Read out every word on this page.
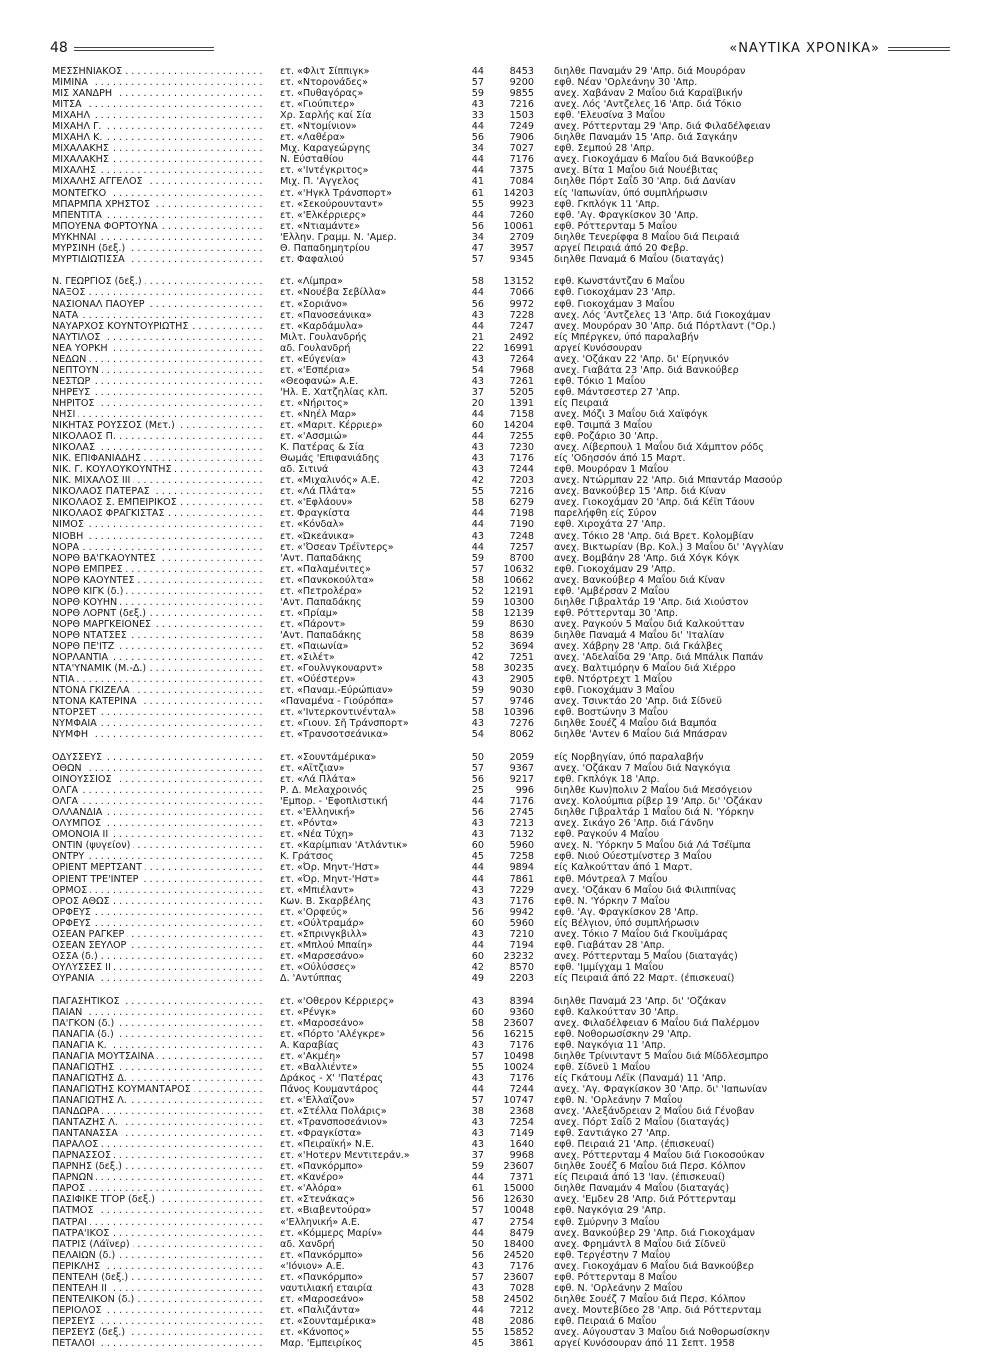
48	«ΝΑΥΤΙΚΑ ΧΡΟΝΙΚΑ»
. . .
ΜΕΣΣΗΝΙΑΚΟΣ	ετ. «Φλιτ Σίππιγκ»	44	8453 διηλθε Παναμάν 29 'Απρ. διά Μουρόραν
. . .
ΜΙΜΙΝΑ	ετ. «Ντορονάδες»	57	9200 εφθ. Νέαν 'Ορλεάνην 30 'Απρ.
. . .
ΜΙΣ ΧΑΝΔΡΗ	ετ. «Πυθαγόρας»	59	9855 ανεχ. Χαβάναν 2 Μαΐου διά Καραϊβικήν
. . .
ΜΙΤΣΑ	ετ. «Γιούπιτερ»	43	7216 ανεχ. Λός 'Αντζελες 16 'Απρ. διά Τόκιο
. . .
ΜΙΧΑΗΛ	Χρ. Σαρλής καί Σία	33	1503 εφθ. 'Ελευσίνα 3 Μαΐου
. . .
ΜΙΧΑΗΛ Γ.	ετ. «Ντομίνιον»	44	7249 ανεχ. Ρόττερνταμ 29 'Απρ. διά Φιλαδέλφειαν
. . .
ΜΙΧΑΗΛ Κ.	ετ. «Λαθέρα»	56	7906 διηλθε Παναμάν 15 'Απρ. διά Σαγκάην
. . .
ΜΙΧΑΛΑΚΗΣ	Μιχ. Καραγεώργης	34	7027 εφθ. Σεμπού 28 'Απρ.
. . .
ΜΙΧΑΛΑΚΗΣ	Ν. Εύσταθίου	44	7176 ανεχ. Γιοκοχάμαν 6 Μαΐου διά Βανκούβερ
. . .
ΜΙΧΑΛΗΣ	ετ. «'Ιντέγκριτος»	44	7375 ανεχ. Βίτα 1 Μαΐου διά Νουέβιτας
. . .
ΜΙΧΑΛΗΣ ΑΓΓΕΛΟΣ	Μιχ. Π. 'Αγγελος	41	7084 διηλθε Πόρτ Σαΐδ 30 'Απρ. διά Δανίαν
. . .
ΜΟΝΤΕΓΚΟ	ετ. «'Ηγκλ Τράνσπορτ»	61	14203 είς 'Ιαπωνίαν, ύπό συμπλήρωσιν
. . .
ΜΠΑΡΜΠΑ ΧΡΗΣΤΟΣ	ετ. «Σεκούρουνταντ»	55	9923 εφθ. Γκπλόγκ 11 'Απρ.
. . .
ΜΠΕΝΤΙΤΑ	ετ. «'Ελκέρριερς»	44	7260 εφθ. 'Αγ. Φραγκίσκον 30 'Απρ.
. . .
ΜΠΟΥΕΝΑ ΦΟΡΤΟΥΝΑ	ετ. «Ντιαμάντε»	56	10061 εφθ. Ρόττερνταμ 5 Μαΐου
. . .
ΜΥΚΗΝΑΙ	'Ελλην. Γραμμ. Ν. 'Αμερ.	34	2709 διηλθε Τενερίφφα 8 Μαΐου διά Πειραιά
. . .
ΜΥΡΣΙΝΗ (δεξ.)	Θ. Παπαδημητρίου	47	3957 αργεί Πειραιά άπό 20 Φεβρ.
. . .
ΜΥΡΤΙΔΙΩΤΙΣΣΑ	ετ. Φαφαλιού	57	9345 διηλθε Παναμά 6 Μαΐου (διαταγάς)
. . .
Ν. ΓΕΩΡΓΙΟΣ (δεξ.)	ετ. «Λίμπρα»	58	13152 εφθ. Κωνστάντζαν 6 Μαΐου
. . .
ΝΑΞΟΣ	ετ. «Νουέβα Σεβίλλα»	44	7066 εφθ. Γιοκοχάμαν 23 'Απρ.
. . .
ΝΑΣΙΟΝΑΛ ΠΑΟΥΕΡ	ετ. «Σοριάνο»	56	9972 εφθ. Γιοκοχάμαν 3 Μαΐου
. . .
ΝΑΤΑ	ετ. «Πανοσεάνικα»	43	7228 ανεχ. Λός 'Αντζελες 13 'Απρ. διά Γιοκοχάμαν
. . .
ΝΑΥΑΡΧΟΣ ΚΟΥΝΤΟΥΡΙΩΤΗΣ	ετ. «Καρδάμυλα»	44	7247 ανεχ. Μουρόραν 30 'Απρ. διά Πόρτλαντ ("Ορ.)
. . .
ΝΑΥΤΙΛΟΣ	Μιλτ. Γουλανδρής	21	2492 είς Μπέργκεν, ύπό παραλαβήν
. . .
ΝΕΑ ΥΟΡΚΗ	αδ. Γουλανδρή	22	16991 αργεί Κυνόσουραν
. . .
ΝΕΔΩΝ	ετ. «Εύγενία»	43	7264 ανεχ. 'Οζάκαν 22 'Απρ. δι' Είρηνικόν
. . .
ΝΕΠΤΟΥΝ	ετ. «'Εσπέρια»	54	7968 ανεχ. Γιαβάτα 23 'Απρ. διά Βανκούβερ
. . .
ΝΕΣΤΩΡ	«Θεοφανώ» Α.Ε.	43	7261 εφθ. Τόκιο 1 Μαΐου
. . .
ΝΗΡΕΥΣ	'Ηλ. Ε. Χατζηλίας κλπ.	37	5205 εφθ. Μάντσεστερ 27 'Απρ.
. . .
ΝΗΡΙΤΟΣ	ετ. «Νήριτος»	20	1391 είς Πειραιά
. . .
ΝΗΣΙ	ετ. «Νηέλ Μαρ»	44	7158 ανεχ. Μόζι 3 Μαΐου διά Χαϊφόγκ
. . .
ΝΙΚΗΤΑΣ ΡΟΥΣΣΟΣ (Μετ.)	ετ. «Μαριτ. Κέρριερ»	60	14204 εφθ. Τσιμπά 3 Μαΐου
. . .
ΝΙΚΟΛΑΟΣ Π.	ετ. «'Ασσμιώ»	44	7255 εφθ. Ροζάριο 30 'Απρ.
. . .
ΝΙΚΟΛΑΣ	Κ. Πατέρας & Σία	43	7230 ανεχ. Λίβερπουλ 1 Μαΐου διά Χάμπτον ρόδς
. . .
ΝΙΚ. ΕΠΙΦΑΝΙΑΔΗΣ	Θωμάς 'Επιφανιάδης	43	7176 είς 'Οδησσόν άπό 15 Μαρτ.
. . .
ΝΙΚ. Γ. ΚΟΥΛΟΥΚΟΥΝΤΗΣ	αδ. Σιτινά	43	7244 εφθ. Μουρόραν 1 Μαΐου
. . .
ΝΙΚ. ΜΙΧΑΛΟΣ ΙΙΙ	ετ. «Μιχαλινός» Α.Ε.	42	7203 ανεχ. Ντώρμπαν 22 'Απρ. διά Μπαντάρ Μασούρ
. . .
ΝΙΚΟΛΑΟΣ ΠΑΤΕΡΑΣ	ετ. «Λά Πλάτα»	55	7216 ανεχ. Βανκούβερ 15 'Απρ. διά Κίναν
. . .
ΝΙΚΟΛΑΟΣ Σ. ΕΜΠΕΙΡΙΚΟΣ	ετ. «'Εφλάουν»	58	6279 ανεχ. Γιοκοχάμαν 20 'Απρ. διά Κέϊπ Τάουν
. . .
ΝΙΚΟΛΑΟΣ ΦΡΑΓΚΙΣΤΑΣ	ετ. Φραγκίστα	44	7198 παρελήφθη είς Σύρον
. . .
ΝΙΜΟΣ	ετ. «Κόνδαλ»	44	7190 εφθ. Χιροχάτα 27 'Απρ.
. . .
ΝΙΟΒΗ	ετ. «Ώκεάνικα»	43	7248 ανεχ. Τόκιο 28 'Απρ. διά Βρετ. Κολομβίαν
. . .
ΝΟΡΑ	ετ. «'Όσεαν Τρέϊντερς»	44	7257 ανεχ. Βικτωρίαν (Βρ. Κολ.) 3 Μαΐου δι' 'Αγγλίαν
. . .
ΝΟΡΘ ΒΑ'ΓΚΑΟΥΝΤΕΣ	'Αντ. Παπαδάκης	59	8700 ανεχ. Βομβάην 28 'Απρ. διά Χόγκ Κόγκ
. . .
ΝΟΡΘ ΕΜΠΡΕΣ	ετ. «Παλαμένιτες»	57	10632 εφθ. Γιοκοχάμαν 29 'Απρ.
. . .
ΝΟΡΘ ΚΑΟΥΝΤΕΣ	ετ. «Πανκοκούλτα»	58	10662 ανεχ. Βανκούβερ 4 Μαΐου διά Κίναν
. . .
ΝΟΡΘ ΚΙΓΚ (δ.)	ετ. «Πετρολέρα»	52	12191 εφθ. 'Αμβέρσαν 2 Μαΐου
. . .
ΝΟΡΘ ΚΟΥΗΝ	'Αντ. Παπαδάκης	59	10300 διηλθε Γιβραλτάρ 19 'Απρ. διά Χιούστον
. . .
ΝΟΡΘ ΛΟΡΝΤ (δεξ.)	ετ. «Πρίαμ»	58	12139 εφθ. Ρόττερνταμ 30 'Απρ.
. . .
ΝΟΡΘ ΜΑΡΓΚΕΙΟΝΕΣ	ετ. «Πάροντ»	59	8630 ανεχ. Ραγκούν 5 Μαΐου διά Καλκούτταν
. . .
ΝΟΡΘ ΝΤΑΤΣΕΣ	'Αντ. Παπαδάκης	58	8639 διηλθε Παναμά 4 Μαΐου δι' 'Ιταλίαν
. . .
ΝΟΡΘ ΠΕ'ΙΤΖ	ετ. «Παιωνία»	52	3694 ανεχ. Χάβρην 28 'Απρ. διά Γκάλβες
. . .
ΝΟΡΛΑΝΤΙΑ	ετ. «Σιλέτ»	42	7251 ανεχ. 'Αδελαΐδα 29 'Απρ. διά Μπάλικ Παπάν
. . .
ΝΤΑ'ΥΝΑΜΙΚ (Μ.-Δ.)	ετ. «Γουλνγκουαρντ»	58	30235 ανεχ. Βαλτιμόρην 6 Μαΐου διά Χιέρρο
. . .
ΝΤΙΑ	ετ. «Ούέστερν»	43	2905 εφθ. Ντόρτρεχτ 1 Μαΐου
. . .
ΝΤΟΝΑ ΓΚΙΖΕΛΑ	ετ. «Παναμ.-Εύρώπιαν»	59	9030 εφθ. Γιοκοχάμαν 3 Μαΐου
. . .
ΝΤΟΝΑ ΚΑΤΕΡΙΝΑ	«Παναμένα - Γιούρόπα»	57	9746 ανεχ. Τσινκτάο 20 'Απρ. διά Σίδνεϋ
. . .
ΝΤΟΡΣΕΤ	ετ. «'Ιντερκοντινένταλ»	58	10396 εφθ. Βοστώνην 3 Μαΐου
. . .
ΝΥΜΦΑΙΑ	ετ. «Γιουν. Σῆ Τράνσπορτ»	43	7276 διηλθε Σουέζ 4 Μαΐου διά Βαμπόα
. . .
ΝΥΜΦΗ	ετ. «Τρανσοτσεάνικα»	54	8062 διηλθε 'Αντεν 6 Μαΐου διά Μπάσραν
. . .
ΟΔΥΣΣΕΥΣ	ετ. «Σουντάμέρικα»	50	2059 είς Νορβηγίαν, ύπό παραλαβήν
. . .
ΟΘΩΝ	ετ. «Αΐτζιαν»	57	9367 ανεχ. 'Οζάκαν 7 Μαΐου διά Ναγκόγια
. . .
ΟΙΝΟΥΣΣΙΟΣ	ετ. «Λά Πλάτα»	56	9217 εφθ. Γκπλόγκ 18 'Απρ.
. . .
ΟΛΓΑ	Ρ. Δ. Μελαχροινός	25	996 διηλθε Κων)πολιν 2 Μαΐου διά Μεσόγειον
. . .
ΟΛΓΑ	'Εμπορ. - 'Εφοπλιστική	44	7176 ανεχ. Κολούμπια ρίβερ 19 'Απρ. δι' 'Οζάκαν
. . .
ΟΛΛΑΝΔΙΑ	ετ. «'Ελληνική»	56	2745 διηλθε Γιβραλτάρ 1 Μαΐου διά Ν. 'Υόρκην
. . .
ΟΛΥΜΠΟΣ	ετ. «Ρόντα»	43	7213 ανεχ. Σικάγο 26 'Απρ. διά Γάνδην
. . .
ΟΜΟΝΟΙΑ ΙΙ	ετ. «Νέα Τύχη»	43	7132 εφθ. Ραγκούν 4 Μαΐου
. . .
ΟΝΤΙΝ (ψυγείον)	ετ. «Καρίμπιαν 'Ατλάντικ»	60	5960 ανεχ. Ν. 'Υόρκην 5 Μαΐου διά Λά Τσέϊμπα
. . .
ΟΝΤΡΥ	Κ. Γράτσος	45	7258 εφθ. Νιού Ούεστμίνστερ 3 Μαΐου
. . .
ΟΡΙΕΝΤ ΜΕΡΤΣΑΝΤ	ετ. «Όρ. Μηντ-'Ηστ»	44	9894 είς Καλκούτταν άπό 1 Μαρτ.
. . .
ΟΡΙΕΝΤ ΤΡΕ'ΙΝΤΕΡ	ετ. «Όρ. Μηντ-'Ηστ»	44	7861 εφθ. Μόντρεαλ 7 Μαΐου
. . .
ΟΡΜΟΣ	ετ. «Μπιέλαντ»	43	7229 ανεχ. 'Οζάκαν 6 Μαΐου διά Φιλιππίνας
. . .
ΟΡΟΣ ΑΘΩΣ	Κων. Β. Σκαρβέλης	43	7176 εφθ. Ν. 'Υόρκην 7 Μαΐου
. . .
ΟΡΦΕΥΣ	ετ. «'Ορφεύς»	56	9942 εφθ. 'Αγ. Φραγκίσκον 28 'Απρ.
. . .
ΟΡΦΕΥΣ	ετ. «Ούλτραμάρ»	60	5960 είς Βέλγιον, ύπό συμπλήρωσιν
. . .
ΟΣΕΑΝ ΡΑΓΚΕΡ	ετ. «Σπρινγκβιλλ»	43	7210 ανεχ. Τόκιο 7 Μαΐου διά Γκουϊμάρας
. . .
ΟΣΕΑΝ ΣΕΥΛΟΡ	ετ. «Μπλού Μπαίη»	44	7194 εφθ. Γιαβάταν 28 'Απρ.
. . .
ΟΣΣΑ (δ.)	ετ. «Μαρσεσάνο»	60	23232 ανεχ. Ρόττερνταμ 5 Μαΐου (διαταγάς)
. . .
ΟΥΛΥΣΣΕΣ ΙΙ	ετ. «Ούλύσσες»	42	8570 εφθ. 'Ιμμίγχαμ 1 Μαΐου
. . .
ΟΥΡΑΝΙΑ	Δ. 'Αντύππας	49	2203 είς Πειραιά άπό 22 Μαρτ. (έπισκευαί)
. . .
ΠΑΓΑΣΗΤΙΚΟΣ	ετ. «'Οθερον Κέρριερς»	43	8394 διηλθε Παναμά 23 'Απρ. δι' 'Οζάκαν
. . .
ΠΑΙΑΝ	ετ. «Ρένγκ»	60	9360 εφθ. Καλκούτταν 30 'Απρ.
. . .
ΠΑ'ΓΚΟΝ (δ.)	ετ. «Μαροσεάνο»	58	23607 ανεχ. Φιλαδέλφειαν 6 Μαΐου διά Παλέρμον
. . .
ΠΑΝΑΓΙΑ (δ.)	ετ. «Πόρτο 'Αλέγκρε»	56	16215 εφθ. Νοθορωσίσκην 29 'Απρ.
. . .
ΠΑΝΑΓΙΑ Κ.	Α. Καραβίας	43	7176 εφθ. Ναγκόγια 11 'Απρ.
. . .
ΠΑΝΑΓΙΑ ΜΟΥΤΣΑΙΝΑ	ετ. «'Ακμέη»	57	10498 διηλθε Τρίνινταντ 5 Μαΐου διά Μίδδλεσμπρο
. . .
ΠΑΝΑΓΙΩΤΗΣ	ετ. «Βαλλιέντε»	55	10024 εφθ. Σίδνεϋ 1 Μαΐου
. . .
ΠΑΝΑΓΙΩΤΗΣ Δ.	Δράκος - Χ' 'Πατέρας	43	7176 είς Γκάτουμ Λέϊκ (Παναμά) 11 'Απρ.
. . .
ΠΑΝΑΓΙΩΤΗΣ ΚΟΥΜΑΝΤΑΡΟΣ	Πάνος Κουμαντάρος	44	7244 ανεχ. 'Αγ. Φραγκίσκον 30 'Απρ. δι' 'Ιαπωνίαν
. . .
ΠΑΝΑΓΙΩΤΗΣ Λ.	ετ. «'Ελλαϊζον»	57	10747 εφθ. Ν. 'Ορλεάνην 7 Μαΐου
. . .
ΠΑΝΔΩΡΑ	ετ. «Στέλλα Πολάρις»	38	2368 ανεχ. 'Αλεξάνδρειαν 2 Μαΐου διά Γένοβαν
. . .
ΠΑΝΤΑΖΗΣ Λ.	ετ. «Τρανσποσεάνιον»	43	7254 ανεχ. Πόρτ Σαΐδ 2 Μαΐου (διαταγάς)
. . .
ΠΑΝΤΑΝΑΣΣΑ	ετ. «Φραγκίστα»	43	7149 εφθ. Σαντιάγκο 27 'Απρ.
. . .
ΠΑΡΑΛΟΣ	ετ. «Πειραϊκή» Ν.Ε.	43	1640 εφθ. Πειραιά 21 'Απρ. (έπισκευαί)
. . .
ΠΑΡΝΑΣΣΟΣ	ετ. «'Ηοτερν Μεντιτεράν.»	37	9968 ανεχ. Ρόττερνταμ 4 Μαΐου διά Γιοκοσούκαν
. . .
ΠΑΡΝΗΣ (δεξ.)	ετ. «Πανκόρμπο»	59	23607 διηλθε Σουέζ 6 Μαΐου διά Περσ. Κόλπον
. . .
ΠΑΡΝΩΝ	ετ. «Κανέρο»	44	7371 είς Πειραιά άπό 13 'Ιαν. (έπισκευαί)
. . .
ΠΑΡΟΣ	ετ. «'Αλόρα»	61	15000 διηλθε Παναμάν 4 Μαΐου (διαταγάς)
. . .
ΠΑΣΙΦΙΚΕ ΤΓΟΡ (δεξ.)	ετ. «Στενάκας»	56	12630 ανεχ. 'Εμδεν 28 'Απρ. διά Ρόττερνταμ
. . .
ΠΑΤΜΟΣ	ετ. «Βιαβεντούρα»	57	10048 εφθ. Ναγκόγια 29 'Απρ.
. . .
ΠΑΤΡΑΙ	«'Ελληνική» Α.Ε.	47	2754 εφθ. Σμύρνην 3 Μαΐου
. . .
ΠΑΤΡΑ'ΙΚΟΣ	ετ. «Κόμμερς Μαρίν»	44	8479 ανεχ. Βανκούβερ 29 'Απρ. διά Γιοκοχάμαν
. . .
ΠΑΤΡΙΣ (Λάϊνερ)	αδ. Χανδρή	50	18400 ανεχ. Φρημάντλ 8 Μαΐου διά Σίδνεϋ
. . .
ΠΕΛΑΙΩΝ (δ.)	ετ. «Πανκόρμπο»	56	24520 εφθ. Τεργέστην 7 Μαΐου
. . .
ΠΕΡΙΚΛΗΣ	«'Ιόνιον» Α.Ε.	43	7176 ανεχ. Γιοκοχάμαν 6 Μαΐου διά Βανκούβερ
. . .
ΠΕΝΤΕΛΗ (δεξ.)	ετ. «Πανκόρμπο»	57	23607 εφθ. Ρόττερνταμ 8 Μαΐου
. . .
ΠΕΝΤΕΛΗ ΙΙ	ναυτιλιακή εταιρία	43	7028 εφθ. Ν. 'Ορλεάνην 2 Μαΐου
. . .
ΠΕΝΤΕΛΙΚΟΝ (δ.)	ετ. «Μαροσεάνο»	58	24502 διηλθε Σουέζ 7 Μαΐου διά Περσ. Κόλπον
. . .
ΠΕΡΙΟΛΟΣ	ετ. «Παλιζάντα»	44	7212 ανεχ. Μοντεβίδεο 28 'Απρ. διά Ρόττερνταμ
. . .
ΠΕΡΣΕΥΣ	ετ. «Σουνταμέρικα»	48	2086 εφθ. Πειραιά 6 Μαΐου
. . .
ΠΕΡΣΕΥΣ (δεξ.)	ετ. «Κάνοπος»	55	15852 ανεχ. Αύγουσταν 3 Μαΐου διά Νοθορωσίσκην
. . .
ΠΕΤΑΛΟΙ	Μαρ. 'Εμπειρίκος	45	3861 αργεί Κυνόσουραν άπό 11 Σεπτ. 1958
